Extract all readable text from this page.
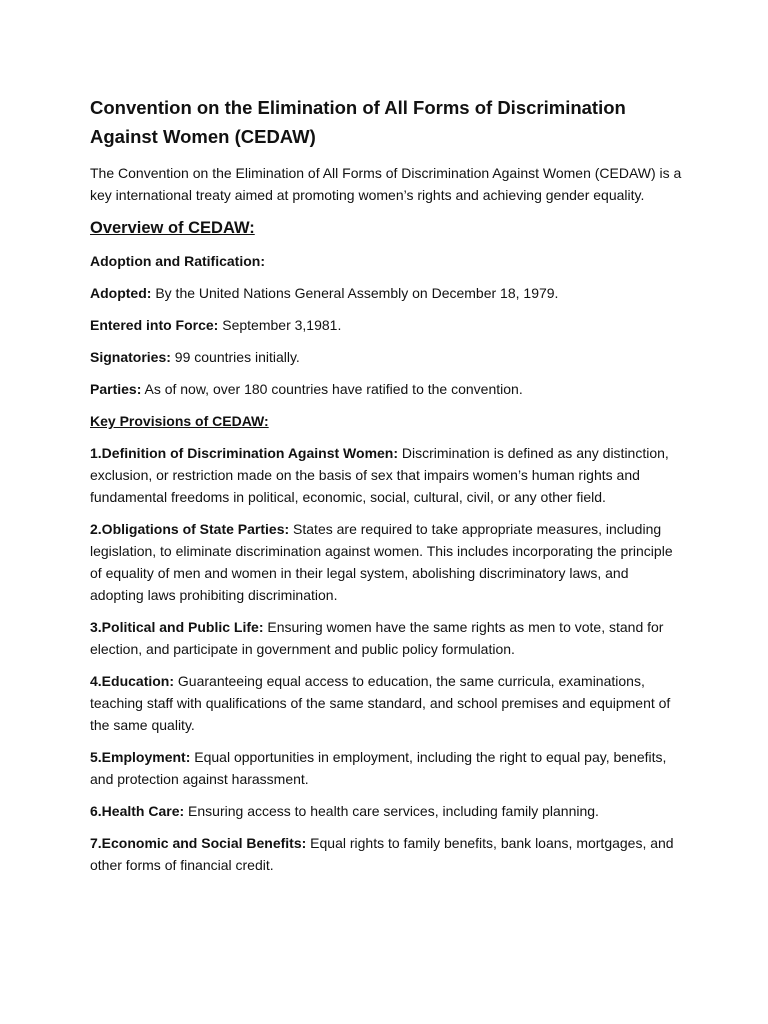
Convention on the Elimination of All Forms of Discrimination Against Women (CEDAW)

The Convention on the Elimination of All Forms of Discrimination Against Women (CEDAW) is a key international treaty aimed at promoting women’s rights and achieving gender equality.

Overview of CEDAW:

Adoption and Ratification:

Adopted: By the United Nations General Assembly on December 18, 1979.

Entered into Force: September 3,1981.

Signatories: 99 countries initially.

Parties: As of now, over 180 countries have ratified to the convention.

Key Provisions of CEDAW:

1.Definition of Discrimination Against Women: Discrimination is defined as any distinction, exclusion, or restriction made on the basis of sex that impairs women’s human rights and fundamental freedoms in political, economic, social, cultural, civil, or any other field.

2.Obligations of State Parties: States are required to take appropriate measures, including legislation, to eliminate discrimination against women. This includes incorporating the principle of equality of men and women in their legal system, abolishing discriminatory laws, and adopting laws prohibiting discrimination.

3.Political and Public Life: Ensuring women have the same rights as men to vote, stand for election, and participate in government and public policy formulation.

4.Education: Guaranteeing equal access to education, the same curricula, examinations, teaching staff with qualifications of the same standard, and school premises and equipment of the same quality.

5.Employment: Equal opportunities in employment, including the right to equal pay, benefits, and protection against harassment.

6.Health Care: Ensuring access to health care services, including family planning.

7.Economic and Social Benefits: Equal rights to family benefits, bank loans, mortgages, and other forms of financial credit.
